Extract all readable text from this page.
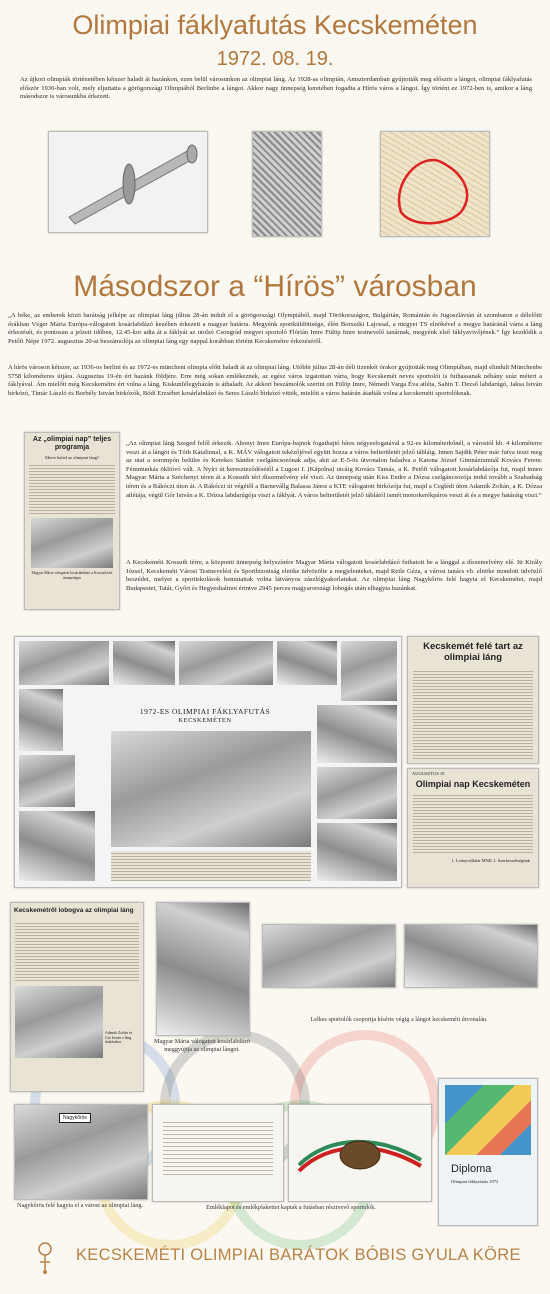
Olimpiai fáklyafutás Kecskeméten
1972. 08. 19.
Az újkori olimpiák történetében kétszer haladt át hazánkon, ezen belül városunkon az olimpiai láng. Az 1928-as olimpián, Amszterdamban gyújtották meg először a lángot, olimpiai fáklyafutás először 1936-ban volt, mely eljuttatta a görögországi Olimpiából Berlinbe a lángot. Akkor nagy ünnepség keretében fogadta a Hírös város a lángot. Így történt ez 1972-ben is, amikor a láng másodszor is városunkba érkezett.
Másodszor a “Hírös” városban
„A béke, az emberek közti barátság jelképe az olimpiai láng július 28-án indult el a görögországi Olympiából, majd Törökországon, Bulgárián, Románián és Jugoszlávián át szombaton a délelőtti órákban Véger Mária Európa-válogatott kosárlabdázó kezében érkezett a magyar határra. Megyénk sportküldöttsége, élén Borszéki Lajossal, a megyei TS elnökével a megye határánál várta a láng érkezését, és pontosan a jelzett időben, 12.45-kor adta át a fáklyát az utolsó Csongrád megyei sportoló Flórián Imre Fülöp Imre testnevelő tanárnak, megyénk első fáklyavivőjének.” Így kezdődik a Petőfi Népe 1972. augusztus 20-ai beszámolója az olimpiai láng egy nappal korábban történt Kecskemétre érkezéséről.
A hírös városon kétszer, az 1936-os berlini és az 1972-es müncheni olimpia előtt haladt át az olimpiai láng. Utóbbi július 28-án déli tizenkét órakor gyújtották meg Olimpiában, majd elindult Münchenbe 5758 kilométeres útjára. Augusztus 19-én ért hazánk földjére. Erre még sokan emlékeznek, az egész város izgatottan várta, hogy Kecskemét neves sportolói is futhassanak néhány száz métert a fáklyával. Ám mielőtt még Kecskemétre ért volna a láng, Kiskunfélegyházán is áthaladt. Az akkori beszámolók szerint ott Fülöp Imre, Némedi Varga Éva atléta, Sahin T. Dezső labdarúgó, Jaksa István birkózó, Tímár László és Borbély István birkózók, Bódi Erzsébet kosárlabdázó és Seres László birkózó vitték, mielőtt a város határán átadták volna a kecskeméti sportolóknak.
Az „olimpiai nap” teljes programja
Merre halad az olimpiai láng?
Magyar Márta válogatott kosárlabdázó a Kossuth téri ünnepségen
„Az olimpiai láng Szeged felől érkezik. Abonyi Imre Európa-bajnok fogathajtó híres négyesfogatával a 92-es kilométerkőnél, a várostól kb. 4 kilométerre veszi át a lángot és Tóth Katalinnal, a K. MÁV válogatott tekézőjével együtt hozza a város belterületét jelző tábláig. Innen Sajdik Péter már futva teszi meg az utat a sorompón belülre és Kerekes Sándor cselgáncsozónak adja, akit az E-5-ös útvonalon haladva a Katona József Gimnáziumnál Kovács Ferenc Fémmunkás öklöívó vált. A Nyíri út kereszteződésétől a Lugosi I. (Kápolna) utcáig Kovács Tamás, a K. Petőfi válogatott kosárlabdázója fut, majd innen Magyar Márta a Széchenyi téren át a Kossuth téri díszemelvény elé viszi. Az ünnepség után Kiss Endre a Dózsa cselgáncsozója indul tovább a Szabadság téren és a Rákóczi úton át. A Rákóczi út végétől a Barnevállg Balassa János a KTE válogatott birkózója fut, majd a Ceglédi úton Adamik Zoltán, a K. Dózsa atlétája, végül Gór István a K. Dózsa labdarúgója viszi a fáklyát. A város belterületét jelző táblától ismét motorkerékpáros veszi át és a megye határáig viszi.”
A Kecskeméti Kossuth térre, a központi ünnepség helyszínére Magyar Márta válogatott kosárlabdázó futhatott be a lánggal a díszemelvény elé. Itt Király József, Kecskeméti Városi Testnevelési és Sportbizottság elnöke üdvözölte a megjelenteket, majd Reile Géza, a városi tanács vb. elnöke mondott üdvözlő beszédet, melyet a sportiskolások bemutattak volna látványos zászlógyakorlatukat. Az olimpiai láng Nagykőrös felé hagyta el Kecskemétet, majd Budapestet, Tatát, Győrt és Hegyeshalmot érintve 2945 perces magyarországi lobogás után elhagyta hazánkat.
1972-ES OLIMPIAI FÁKLYAFUTÁS
KECSKEMÉTEN
Kecskemét felé tart az olimpiai láng
AUGUSZTUS 19.
Olimpiai nap Kecskeméten
1. Leányvállalat MNK 2. Szerkesztőségünk
Kecskemétről lobogva az olimpiai láng
Adamik Zoltán és Gór István a láng átadásakor	Magyar Márta válogatott kosárlabdázó meggyújtja az olimpiai lángot.
Lelkes sportolók csoportja kísérte végig a lángot kecskeméti útvonalán.
Nagykőrös
Nagykőrös felé hagyta el a várost az olimpiai láng.	Emléklapot és emlékplakettet kaptak a futásban résztvevő sportolók.
Diploma
Olimpiai fáklyafutás 1972
KECSKEMÉTI OLIMPIAI BARÁTOK BÓBIS GYULA KÖRE
